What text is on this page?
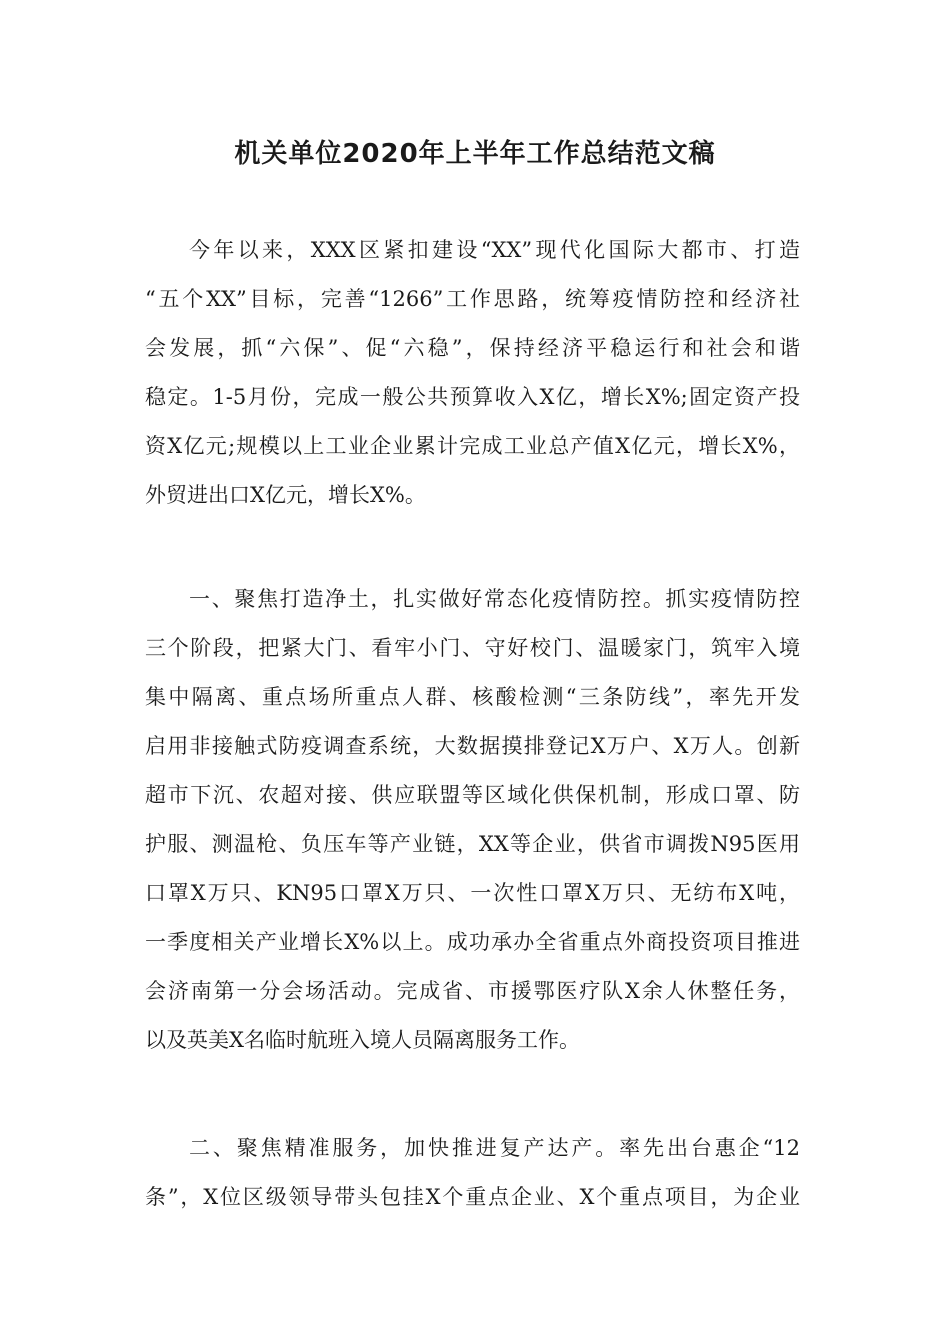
机关单位2020年上半年工作总结范文稿
今年以来，XXX区紧扣建设“XX”现代化国际大都市、打造
“五个XX”目标，完善“1266”工作思路，统筹疫情防控和经济社
会发展，抓“六保”、促“六稳”，保持经济平稳运行和社会和谐
稳定。1-5月份，完成一般公共预算收入X亿，增长X%;固定资产投
资X亿元;规模以上工业企业累计完成工业总产值X亿元，增长X%，
外贸进出口X亿元，增长X%。
一、聚焦打造净土，扎实做好常态化疫情防控。抓实疫情防控
三个阶段，把紧大门、看牢小门、守好校门、温暖家门，筑牢入境
集中隔离、重点场所重点人群、核酸检测“三条防线”，率先开发
启用非接触式防疫调查系统，大数据摸排登记X万户、X万人。创新
超市下沉、农超对接、供应联盟等区域化供保机制，形成口罩、防
护服、测温枪、负压车等产业链，XX等企业，供省市调拨N95医用
口罩X万只、KN95口罩X万只、一次性口罩X万只、无纺布X吨，
一季度相关产业增长X%以上。成功承办全省重点外商投资项目推进
会济南第一分会场活动。完成省、市援鄂医疗队X余人休整任务，
以及英美X名临时航班入境人员隔离服务工作。
二、聚焦精准服务，加快推进复产达产。率先出台惠企“12
条”，X位区级领导带头包挂X个重点企业、X个重点项目，为企业
